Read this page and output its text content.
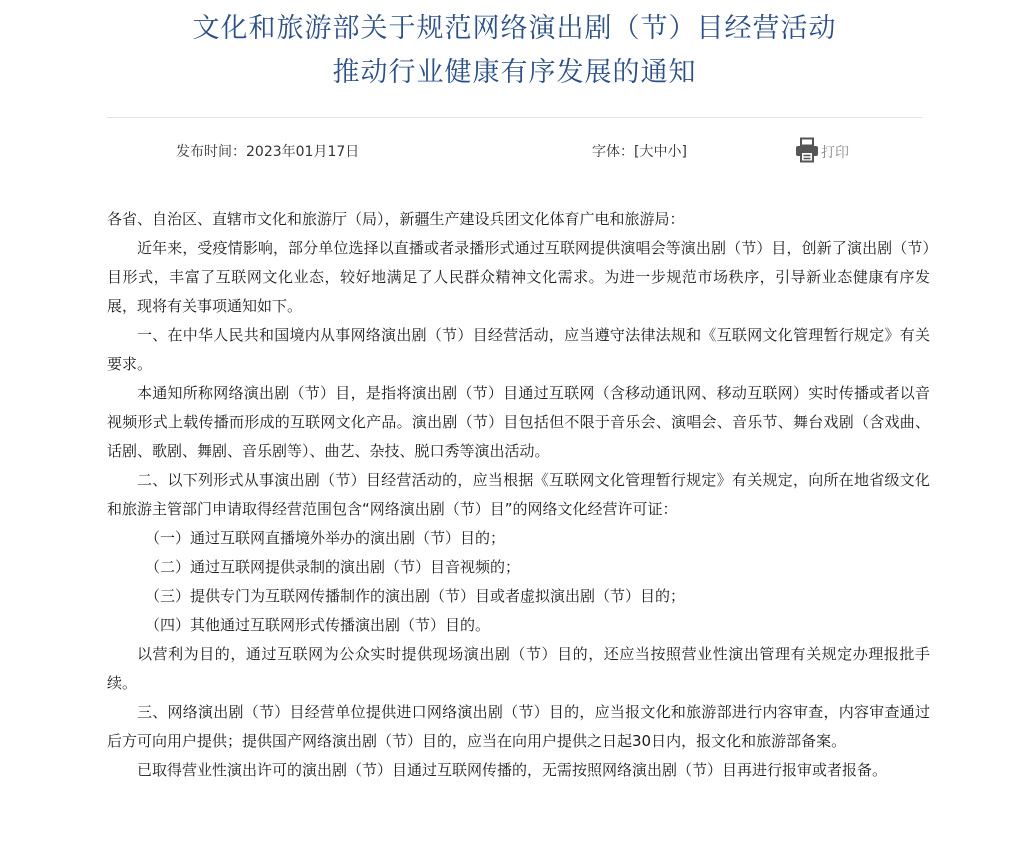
文化和旅游部关于规范网络演出剧（节）目经营活动
推动行业健康有序发展的通知
发布时间：2023年01月17日	字体：[大中小]	打印

各省、自治区、直辖市文化和旅游厅（局），新疆生产建设兵团文化体育广电和旅游局：

近年来，受疫情影响，部分单位选择以直播或者录播形式通过互联网提供演唱会等演出剧（节）目，创新了演出剧（节）目形式，丰富了互联网文化业态，较好地满足了人民群众精神文化需求。为进一步规范市场秩序，引导新业态健康有序发展，现将有关事项通知如下。

一、在中华人民共和国境内从事网络演出剧（节）目经营活动，应当遵守法律法规和《互联网文化管理暂行规定》有关要求。

本通知所称网络演出剧（节）目，是指将演出剧（节）目通过互联网（含移动通讯网、移动互联网）实时传播或者以音视频形式上载传播而形成的互联网文化产品。演出剧（节）目包括但不限于音乐会、演唱会、音乐节、舞台戏剧（含戏曲、话剧、歌剧、舞剧、音乐剧等）、曲艺、杂技、脱口秀等演出活动。

二、以下列形式从事演出剧（节）目经营活动的，应当根据《互联网文化管理暂行规定》有关规定，向所在地省级文化和旅游主管部门申请取得经营范围包含“网络演出剧（节）目”的网络文化经营许可证：

（一）通过互联网直播境外举办的演出剧（节）目的；

（二）通过互联网提供录制的演出剧（节）目音视频的；

（三）提供专门为互联网传播制作的演出剧（节）目或者虚拟演出剧（节）目的；

（四）其他通过互联网形式传播演出剧（节）目的。

以营利为目的，通过互联网为公众实时提供现场演出剧（节）目的，还应当按照营业性演出管理有关规定办理报批手续。

三、网络演出剧（节）目经营单位提供进口网络演出剧（节）目的，应当报文化和旅游部进行内容审查，内容审查通过后方可向用户提供；提供国产网络演出剧（节）目的，应当在向用户提供之日起30日内，报文化和旅游部备案。

已取得营业性演出许可的演出剧（节）目通过互联网传播的，无需按照网络演出剧（节）目再进行报审或者报备。
